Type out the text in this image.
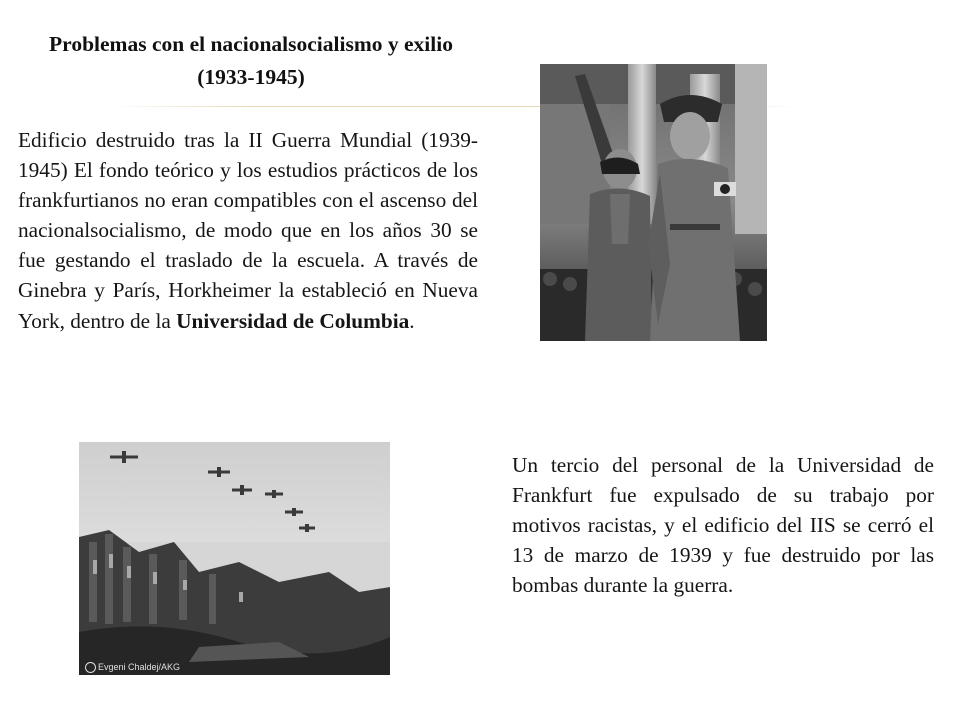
Problemas con el nacionalsocialismo y exilio (1933-1945)

Edificio destruido tras la II Guerra Mundial (1939-1945) El fondo teórico y los estudios prácticos de los frankfurtianos no eran compatibles con el ascenso del nacionalsocialismo, de modo que en los años 30 se fue gestando el traslado de la escuela. A través de Ginebra y París, Horkheimer la estableció en Nueva York, dentro de la Universidad de Columbia.

Evgeni Chaldej/AKG

Un tercio del personal de la Universidad de Frankfurt fue expulsado de su trabajo por motivos racistas, y el edificio del IIS se cerró el 13 de marzo de 1939 y fue destruido por las bombas durante la guerra.
